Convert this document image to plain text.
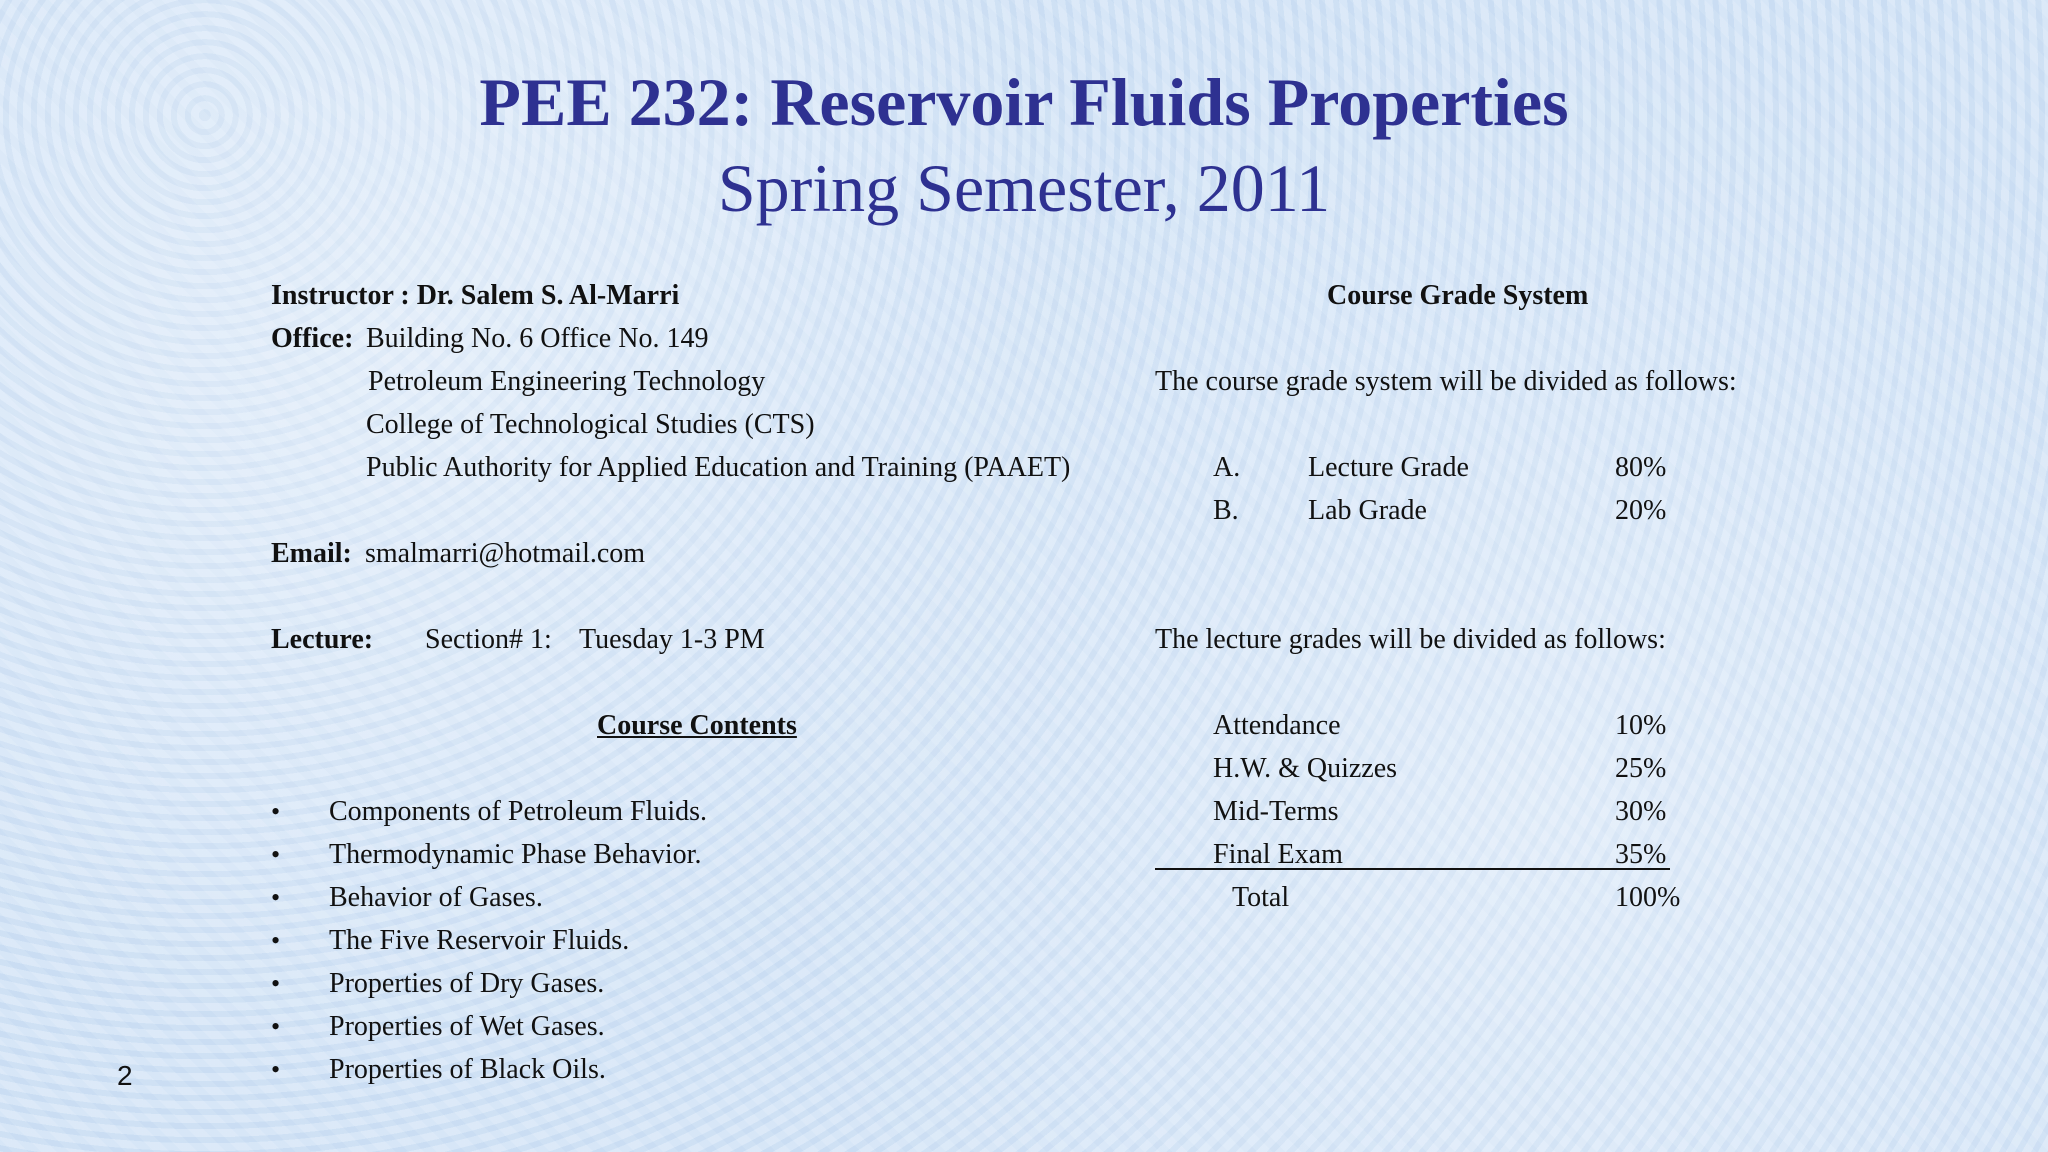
PEE 232: Reservoir Fluids Properties
Spring Semester, 2011
Instructor : Dr. Salem S. Al-Marri
Office: Building No. 6 Office No. 149
Petroleum Engineering Technology
College of Technological Studies (CTS)
Public Authority for Applied Education and Training (PAAET)
Email: smalmarri@hotmail.com
Lecture: Section# 1: Tuesday 1-3 PM
Course Contents
• Components of Petroleum Fluids.
• Thermodynamic Phase Behavior.
• Behavior of Gases.
• The Five Reservoir Fluids.
• Properties of Dry Gases.
• Properties of Wet Gases.
• Properties of Black Oils.
Course Grade System
The course grade system will be divided as follows:
A. Lecture Grade	80%
B. Lab Grade	20%
The lecture grades will be divided as follows:
Attendance	10%
H.W. & Quizzes	25%
Mid-Terms	30%
Final Exam	35%
Total	100%
2
